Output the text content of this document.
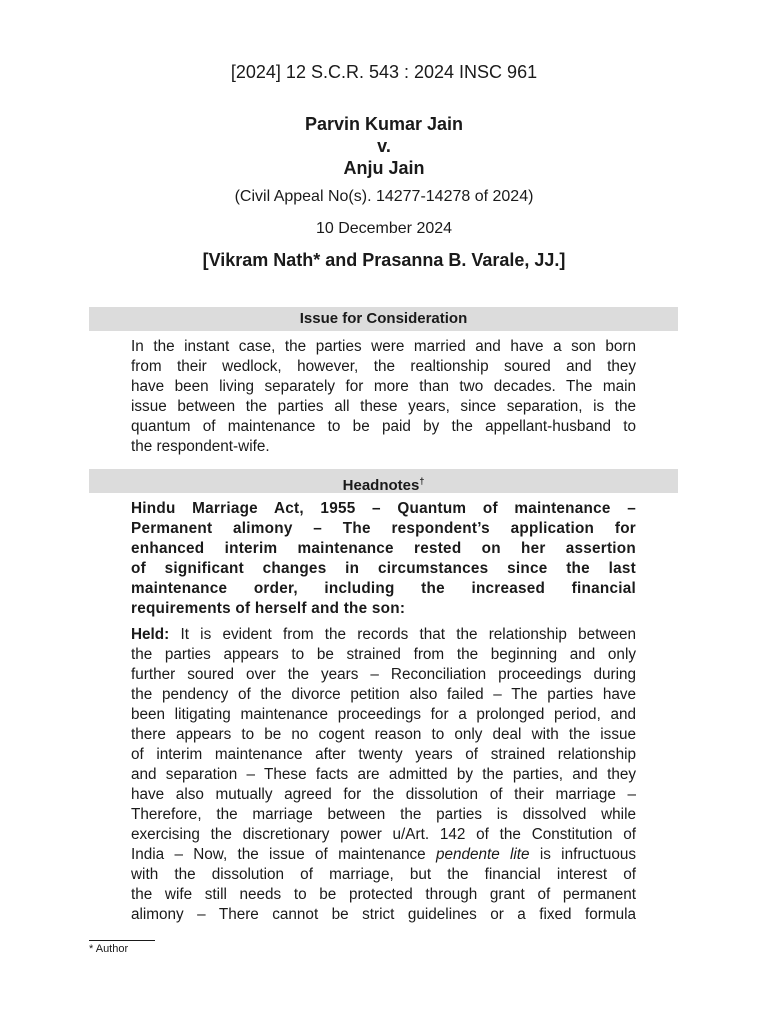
[2024] 12 S.C.R. 543 : 2024 INSC 961
Parvin Kumar Jain
v.
Anju Jain
(Civil Appeal No(s). 14277-14278 of 2024)
10 December 2024
[Vikram Nath* and Prasanna B. Varale, JJ.]
Issue for Consideration
In the instant case, the parties were married and have a son born
from their wedlock, however, the realtionship soured and they
have been living separately for more than two decades. The main
issue between the parties all these years, since separation, is the
quantum of maintenance to be paid by the appellant-husband to
the respondent-wife.
Headnotes†
Hindu Marriage Act, 1955 – Quantum of maintenance –
Permanent alimony – The respondent’s application for
enhanced interim maintenance rested on her assertion
of significant changes in circumstances since the last
maintenance order, including the increased financial
requirements of herself and the son:
Held: It is evident from the records that the relationship between
the parties appears to be strained from the beginning and only
further soured over the years – Reconciliation proceedings during
the pendency of the divorce petition also failed – The parties have
been litigating maintenance proceedings for a prolonged period, and
there appears to be no cogent reason to only deal with the issue
of interim maintenance after twenty years of strained relationship
and separation – These facts are admitted by the parties, and they
have also mutually agreed for the dissolution of their marriage –
Therefore, the marriage between the parties is dissolved while
exercising the discretionary power u/Art. 142 of the Constitution of
India – Now, the issue of maintenance pendente lite is infructuous
with the dissolution of marriage, but the financial interest of
the wife still needs to be protected through grant of permanent
alimony – There cannot be strict guidelines or a fixed formula
* Author
